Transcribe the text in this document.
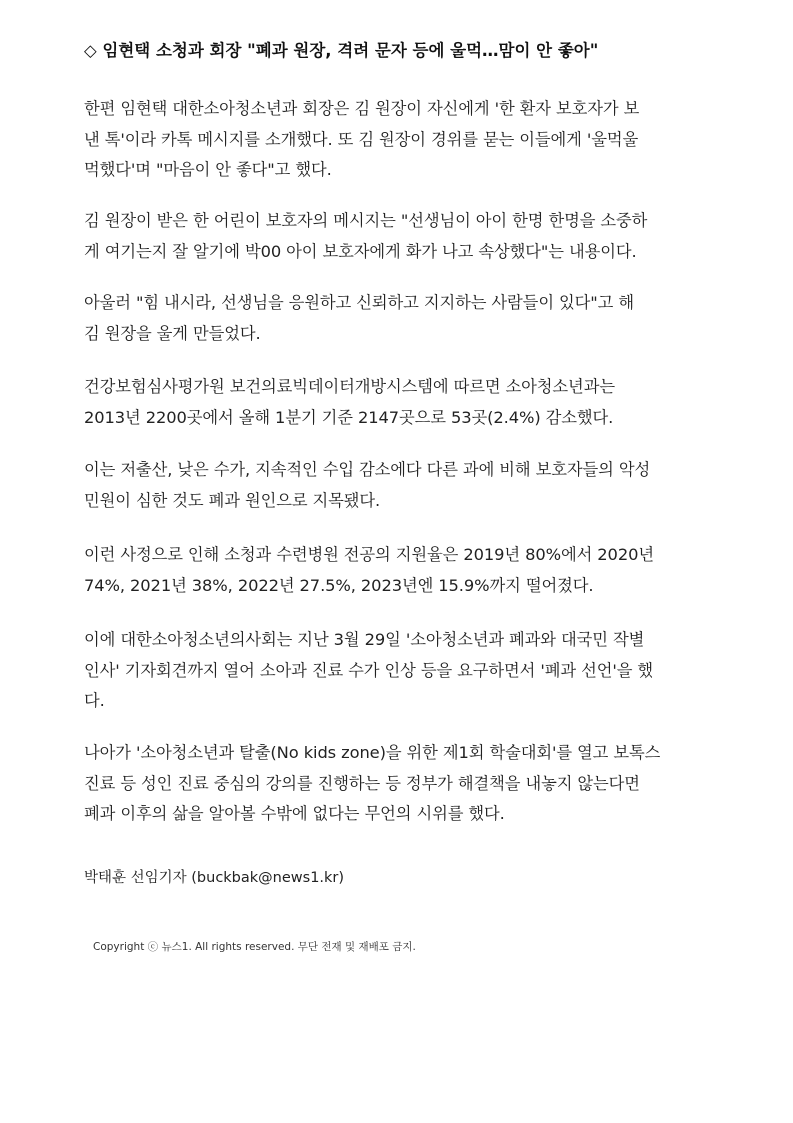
◇ 임현택 소청과 회장 "폐과 원장, 격려 문자 등에 울먹…맘이 안 좋아"

한편 임현택 대한소아청소년과 회장은 김 원장이 자신에게 '한 환자 보호자가 보
낸 톡'이라 카톡 메시지를 소개했다. 또 김 원장이 경위를 묻는 이들에게 '울먹울
먹했다'며 "마음이 안 좋다"고 했다.

김 원장이 받은 한 어린이 보호자의 메시지는 "선생님이 아이 한명 한명을 소중하
게 여기는지 잘 알기에 박00 아이 보호자에게 화가 나고 속상했다"는 내용이다.

아울러 "힘 내시라, 선생님을 응원하고 신뢰하고 지지하는 사람들이 있다"고 해
김 원장을 울게 만들었다.

건강보험심사평가원 보건의료빅데이터개방시스템에 따르면 소아청소년과는
2013년 2200곳에서 올해 1분기 기준 2147곳으로 53곳(2.4%) 감소했다.

이는 저출산, 낮은 수가, 지속적인 수입 감소에다 다른 과에 비해 보호자들의 악성
민원이 심한 것도 폐과 원인으로 지목됐다.

이런 사정으로 인해 소청과 수련병원 전공의 지원율은 2019년 80%에서 2020년
74%, 2021년 38%, 2022년 27.5%, 2023년엔 15.9%까지 떨어졌다.

이에 대한소아청소년의사회는 지난 3월 29일 '소아청소년과 폐과와 대국민 작별
인사' 기자회견까지 열어 소아과 진료 수가 인상 등을 요구하면서 '폐과 선언'을 했
다.

나아가 '소아청소년과 탈출(No kids zone)을 위한 제1회 학술대회'를 열고 보톡스
진료 등 성인 진료 중심의 강의를 진행하는 등 정부가 해결책을 내놓지 않는다면
폐과 이후의 삶을 알아볼 수밖에 없다는 무언의 시위를 했다.

박태훈 선임기자 (buckbak@news1.kr)
Copyright ⓒ 뉴스1. All rights reserved. 무단 전재 및 재배포 금지.
